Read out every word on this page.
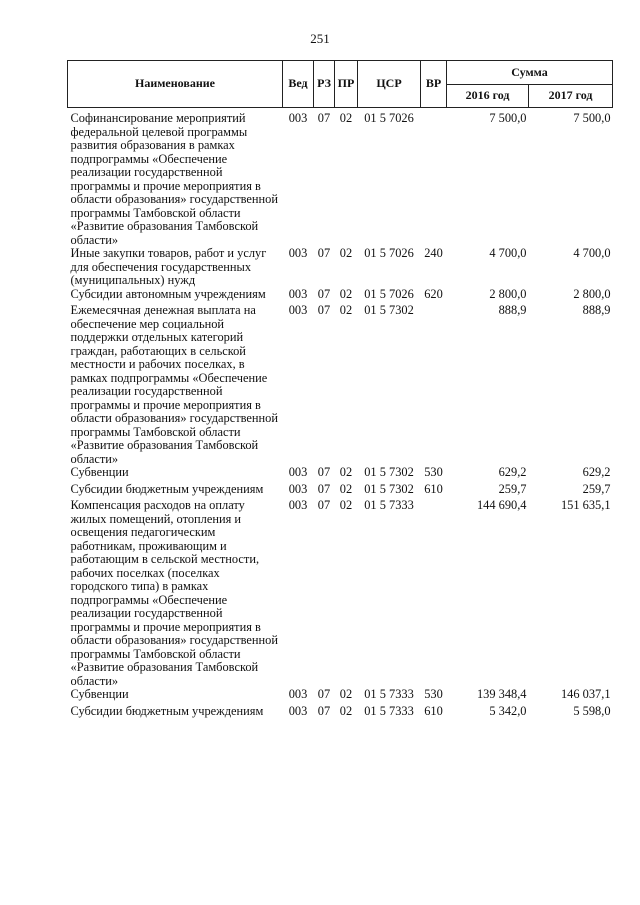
251
Наименование	Вед	РЗ	ПР	ЦСР	ВР	Сумма	
						2016 год	2017 год
Софинансирование мероприятий федеральной целевой программы развития образования в рамках подпрограммы «Обеспечение реализации государственной программы и прочие мероприятия в области образования» государственной программы Тамбовской области «Развитие образования Тамбовской области»	003	07	02	01 5 7026		7 500,0	7 500,0
Иные закупки товаров, работ и услуг для обеспечения государственных (муниципальных) нужд	003	07	02	01 5 7026	240	4 700,0	4 700,0
Субсидии автономным учреждениям	003	07	02	01 5 7026	620	2 800,0	2 800,0
Ежемесячная денежная выплата на обеспечение мер социальной поддержки отдельных категорий граждан, работающих в сельской местности и рабочих поселках, в рамках подпрограммы «Обеспечение реализации государственной программы и прочие мероприятия в области образования» государственной программы Тамбовской области «Развитие образования Тамбовской области»	003	07	02	01 5 7302		888,9	888,9
Субвенции	003	07	02	01 5 7302	530	629,2	629,2
Субсидии бюджетным учреждениям	003	07	02	01 5 7302	610	259,7	259,7
Компенсация расходов на оплату жилых помещений, отопления и освещения педагогическим работникам, проживающим и работающим в сельской местности, рабочих поселках (поселках городского типа) в рамках подпрограммы «Обеспечение реализации государственной программы и прочие мероприятия в области образования» государственной программы Тамбовской области «Развитие образования Тамбовской области»	003	07	02	01 5 7333		144 690,4	151 635,1
Субвенции	003	07	02	01 5 7333	530	139 348,4	146 037,1
Субсидии бюджетным учреждениям	003	07	02	01 5 7333	610	5 342,0	5 598,0
